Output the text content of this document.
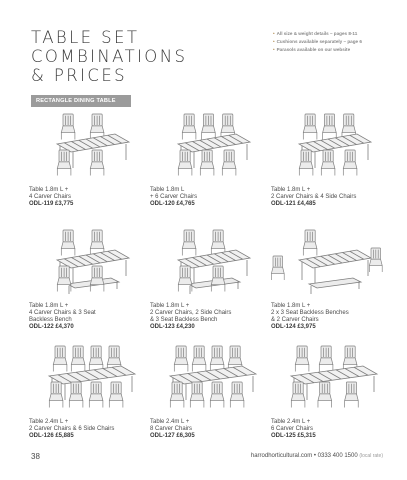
TABLE SET
COMBINATIONS
& PRICES
• All size & weight details – pages 8-11
• Cushions available separately – page 6
• Parasols available on our website
RECTANGLE DINING TABLE
Table 1.8m L +
4 Carver Chairs
ODL-119 £3,775
Table 1.8m L
+ 6 Carver Chairs
ODL-120 £4,765
Table 1.8m L +
2 Carver Chairs & 4 Side Chairs
ODL-121 £4,485
Table 1.8m L +
4 Carver Chairs & 3 Seat
Backless Bench
ODL-122 £4,370
Table 1.8m L +
2 Carver Chairs, 2 Side Chairs
& 3 Seat Backless Bench
ODL-123 £4,230
Table 1.8m L +
2 x 3 Seat Backless Benches
& 2 Carver Chairs
ODL-124 £3,975
Table 2.4m L +
2 Carver Chairs & 6 Side Chairs
ODL-126 £5,885
Table 2.4m L +
8 Carver Chairs
ODL-127 £6,305
Table 2.4m L +
6 Carver Chairs
ODL-125 £5,315
38	harrodhorticultural.com • 0333 400 1500 (local rate)
